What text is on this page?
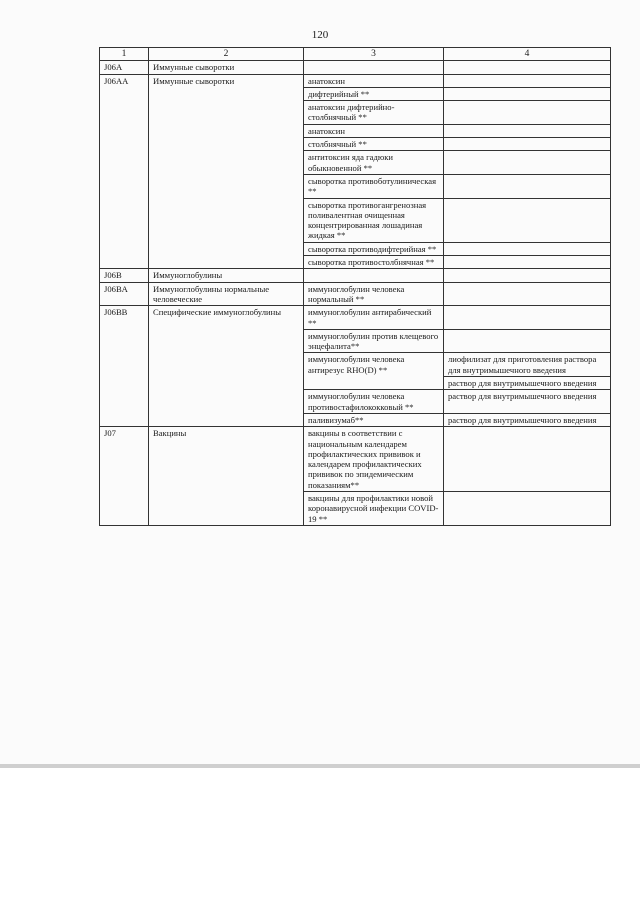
120
1	2	3	4
J06A	Иммунные сыворотки		
J06AA	Иммунные сыворотки	анатоксин	
		дифтерийный **	
		анатоксин дифтерийно-столбнячный **	
		анатоксин	
		столбнячный **	
		антитоксин яда гадюки обыкновенной **	
		сыворотка противоботулиническая **	
		сыворотка противогангренозная поливалентная очищенная концентрированная лошадиная жидкая **	
		сыворотка противодифтерийная **	
		сыворотка противостолбнячная **	
J06B	Иммуноглобулины		
J06BA	Иммуноглобулины нормальные человеческие	иммуноглобулин человека нормальный **	
J06BB	Специфические иммуноглобулины	иммуноглобулин антирабический **	
		иммуноглобулин против клещевого энцефалита**	
		иммуноглобулин человека антирезус RHO(D) **	лиофилизат для приготовления раствора для внутримышечного введения
			раствор для внутримышечного введения
		иммуноглобулин человека противостафилококковый **	раствор для внутримышечного введения
		паливизумаб**	раствор для внутримышечного введения
J07	Вакцины	вакцины в соответствии с национальным календарем профилактических прививок и календарем профилактических прививок по эпидемическим показаниям**	
		вакцины для профилактики новой коронавирусной инфекции COVID-19 **	
